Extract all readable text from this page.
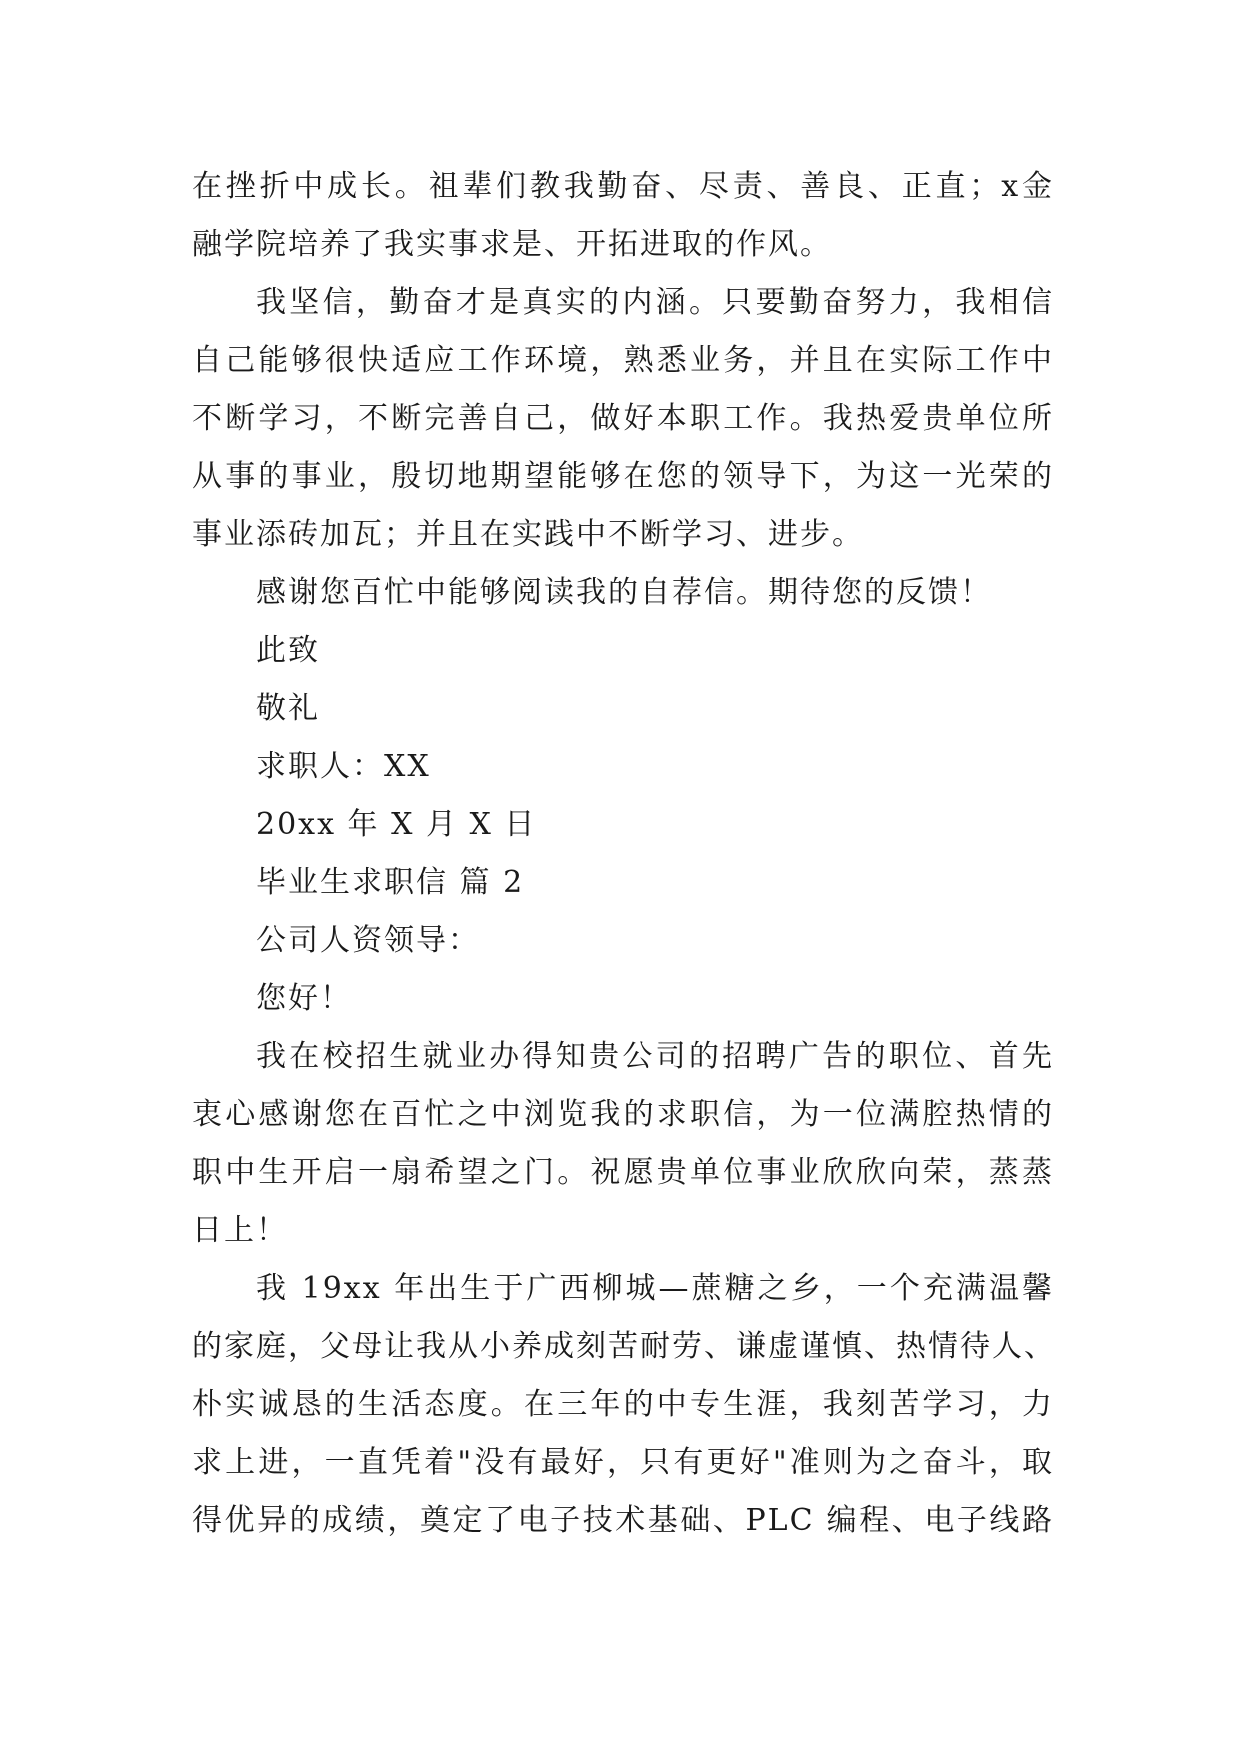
在挫折中成长。祖辈们教我勤奋、尽责、善良、正直；x金
融学院培养了我实事求是、开拓进取的作风。
我坚信，勤奋才是真实的内涵。只要勤奋努力，我相信
自己能够很快适应工作环境，熟悉业务，并且在实际工作中
不断学习，不断完善自己，做好本职工作。我热爱贵单位所
从事的事业，殷切地期望能够在您的领导下，为这一光荣的
事业添砖加瓦；并且在实践中不断学习、进步。
感谢您百忙中能够阅读我的自荐信。期待您的反馈！
此致
敬礼
求职人：XX
20xx 年 X 月 X 日
毕业生求职信 篇 2
公司人资领导：
您好！
我在校招生就业办得知贵公司的招聘广告的职位、首先
衷心感谢您在百忙之中浏览我的求职信，为一位满腔热情的
职中生开启一扇希望之门。祝愿贵单位事业欣欣向荣，蒸蒸
日上！
我 19xx 年出生于广西柳城—蔗糖之乡，一个充满温馨
的家庭，父母让我从小养成刻苦耐劳、谦虚谨慎、热情待人、
朴实诚恳的生活态度。在三年的中专生涯，我刻苦学习，力
求上进，一直凭着"没有最好，只有更好"准则为之奋斗，取
得优异的成绩，奠定了电子技术基础、PLC 编程、电子线路
